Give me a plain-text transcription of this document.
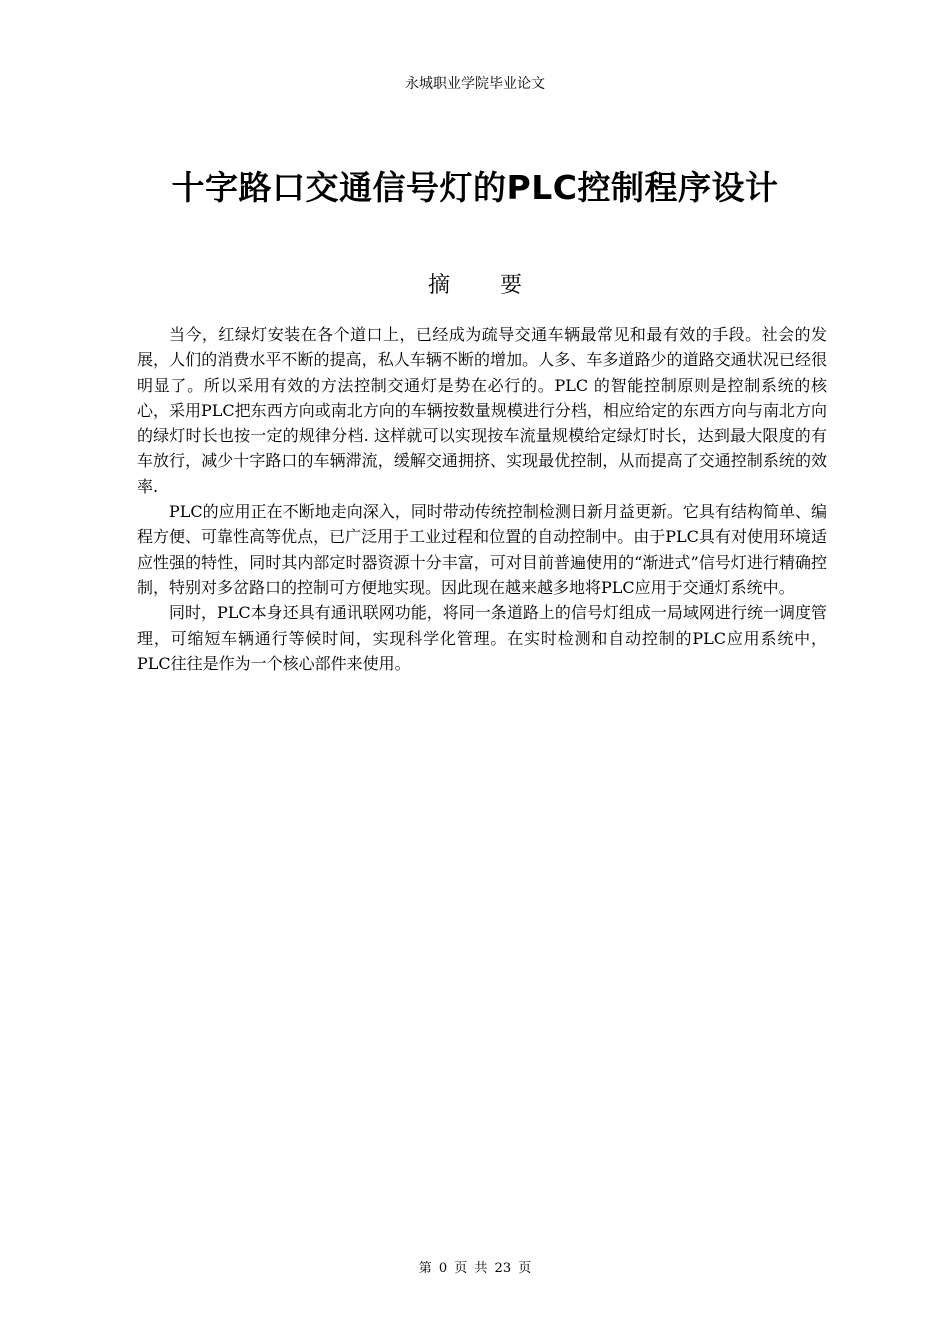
永城职业学院毕业论文
十字路口交通信号灯的PLC控制程序设计
摘要

当今，红绿灯安装在各个道口上，已经成为疏导交通车辆最常见和最有效的手段。社会的发展，人们的消费水平不断的提高，私人车辆不断的增加。人多、车多道路少的道路交通状况已经很明显了。所以采用有效的方法控制交通灯是势在必行的。PLC 的智能控制原则是控制系统的核心，采用PLC把东西方向或南北方向的车辆按数量规模进行分档，相应给定的东西方向与南北方向的绿灯时长也按一定的规律分档. 这样就可以实现按车流量规模给定绿灯时长，达到最大限度的有车放行，减少十字路口的车辆滞流，缓解交通拥挤、实现最优控制，从而提高了交通控制系统的效率.

PLC的应用正在不断地走向深入，同时带动传统控制检测日新月益更新。它具有结构简单、编程方便、可靠性高等优点，已广泛用于工业过程和位置的自动控制中。由于PLC具有对使用环境适应性强的特性，同时其内部定时器资源十分丰富，可对目前普遍使用的“渐进式”信号灯进行精确控制，特别对多岔路口的控制可方便地实现。因此现在越来越多地将PLC应用于交通灯系统中。

同时，PLC本身还具有通讯联网功能，将同一条道路上的信号灯组成一局域网进行统一调度管理，可缩短车辆通行等候时间，实现科学化管理。在实时检测和自动控制的PLC应用系统中，PLC往往是作为一个核心部件来使用。

第 0 页 共 23 页
